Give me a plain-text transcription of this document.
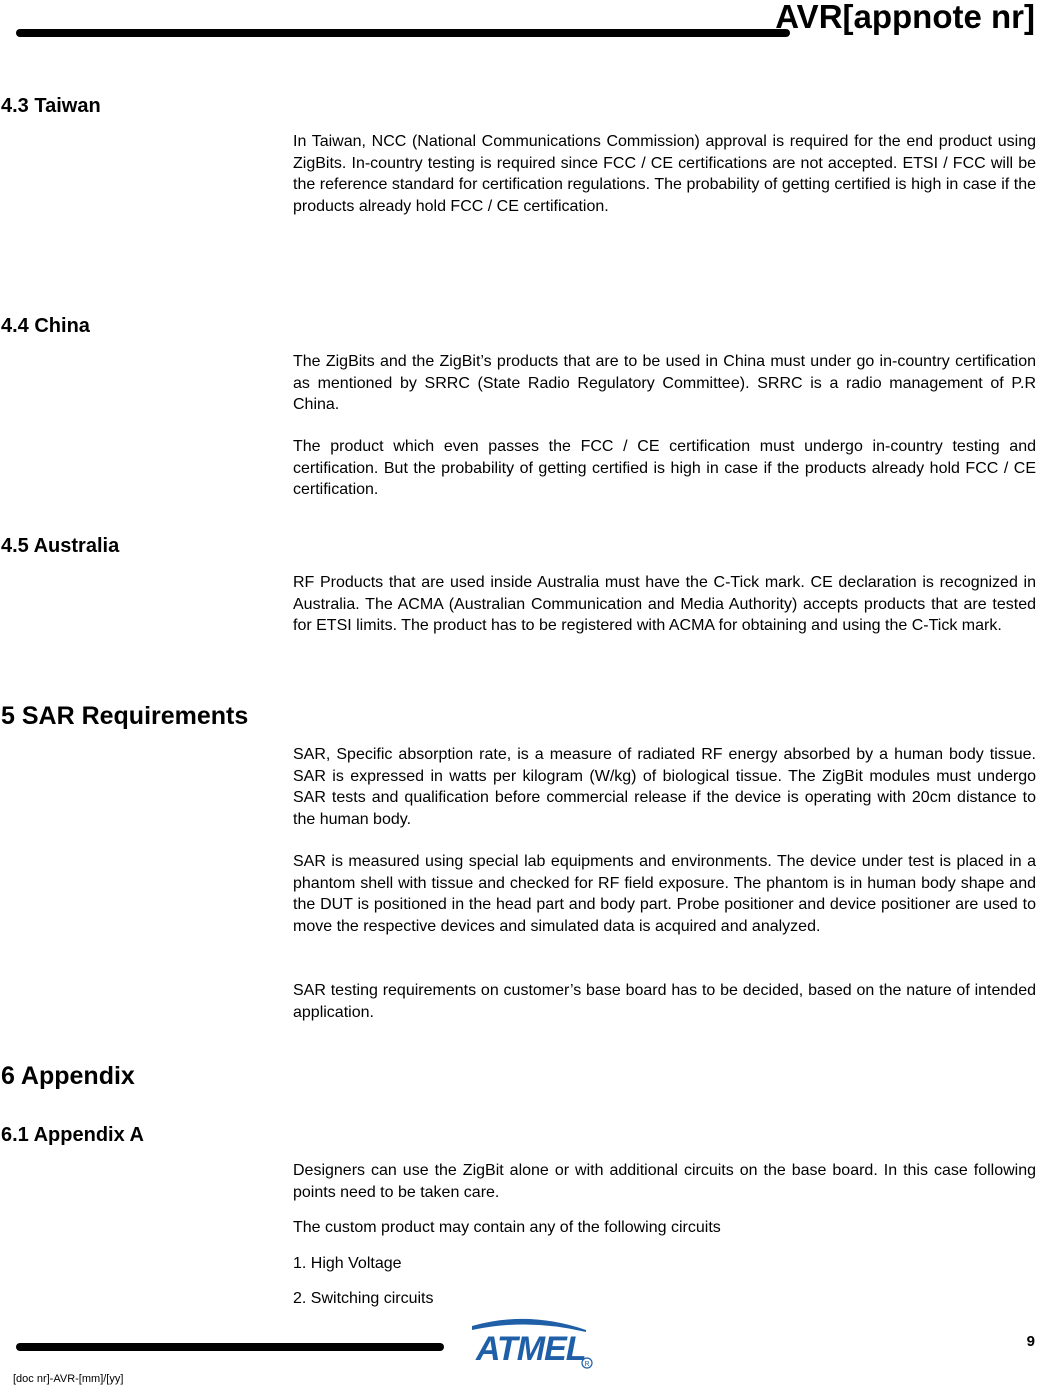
AVR[appnote nr]
4.3 Taiwan

In Taiwan, NCC (National Communications Commission) approval is required for the end product using ZigBits. In-country testing is required since FCC / CE certifications are not accepted. ETSI / FCC will be the reference standard for certification regulations. The probability of getting certified is high in case if the products already hold FCC / CE certification.

4.4 China

The ZigBits and the ZigBit’s products that are to be used in China must under go in-country certification as mentioned by SRRC (State Radio Regulatory Committee). SRRC is a radio management of P.R China.

The product which even passes the FCC / CE certification must undergo in-country testing and certification. But the probability of getting certified is high in case if the products already hold FCC / CE certification.

4.5 Australia

RF Products that are used inside Australia must have the C-Tick mark. CE declaration is recognized in Australia. The ACMA (Australian Communication and Media Authority) accepts products that are tested for ETSI limits. The product has to be registered with ACMA for obtaining and using the C-Tick mark.

5 SAR Requirements

SAR, Specific absorption rate, is a measure of radiated RF energy absorbed by a human body tissue. SAR is expressed in watts per kilogram (W/kg) of biological tissue. The ZigBit modules must undergo SAR tests and qualification before commercial release if the device is operating with 20cm distance to the human body.

SAR is measured using special lab equipments and environments. The device under test is placed in a phantom shell with tissue and checked for RF field exposure. The phantom is in human body shape and the DUT is positioned in the head part and body part. Probe positioner and device positioner are used to move the respective devices and simulated data is acquired and analyzed.

SAR testing requirements on customer’s base board has to be decided, based on the nature of intended application.

6 Appendix
6.1 Appendix A

Designers can use the ZigBit alone or with additional circuits on the base board. In this case following points need to be taken care.

The custom product may contain any of the following circuits

1. High Voltage

2. Switching circuits

ATMEL
R
9
[doc nr]-AVR-[mm]/[yy]
